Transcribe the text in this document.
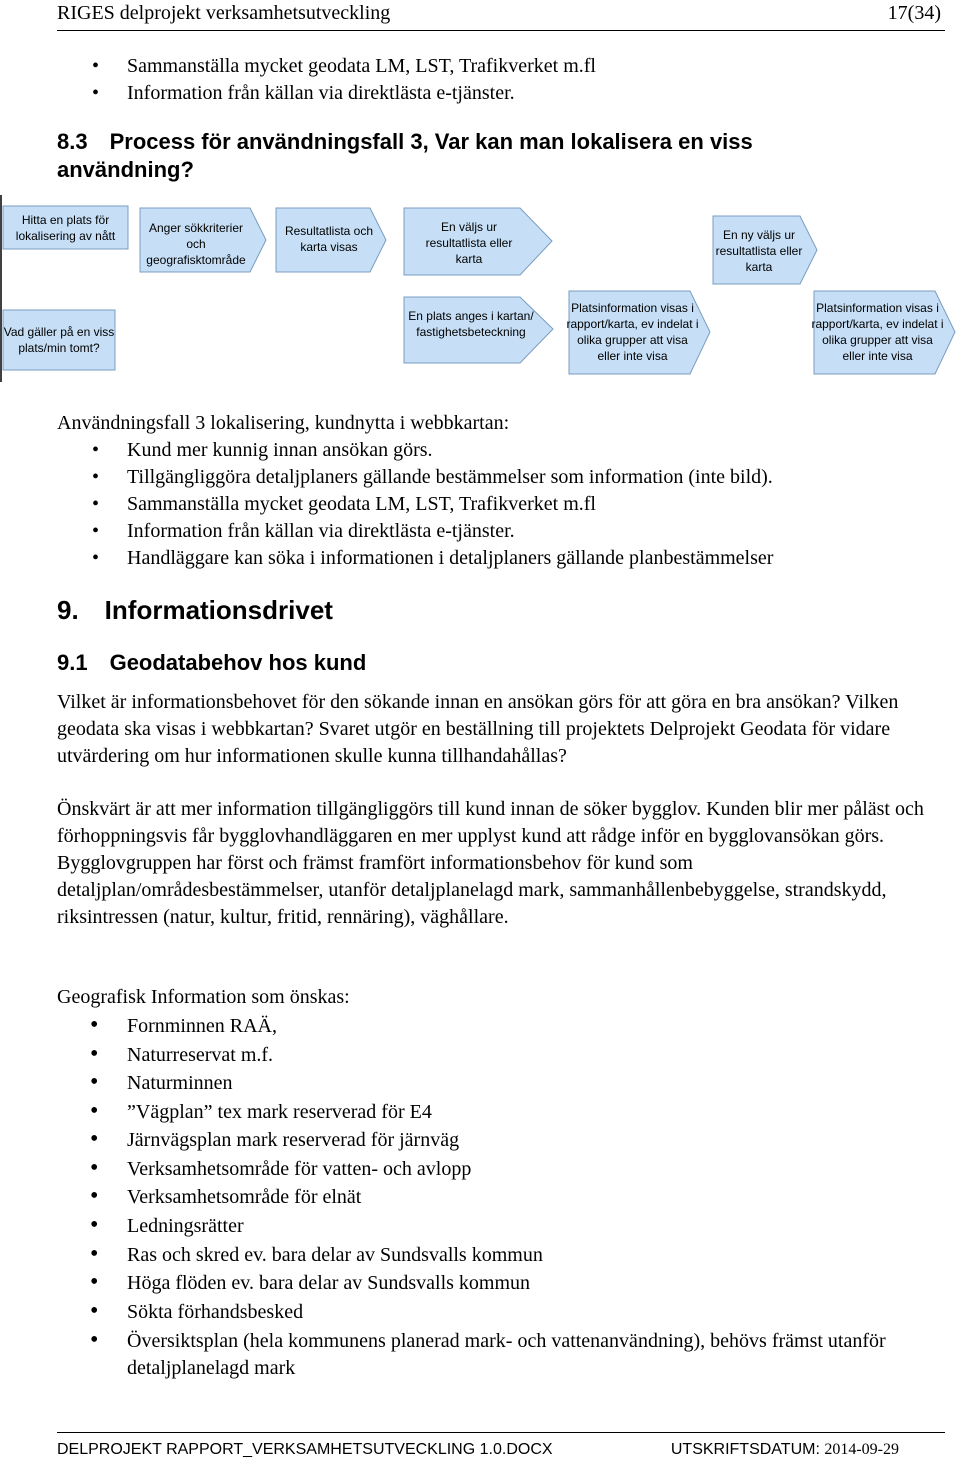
RIGES delprojekt verksamhetsutveckling	17(34)
• Sammanställa mycket geodata LM, LST, Trafikverket m.fl
• Information från källan via direktlästa e-tjänster.
8.3 Process för användningsfall 3, Var kan man lokalisera en viss
användning?
Hitta en plats för lokalisering av nått
Anger sökkriterier och geografisktområde
Resultatlista och karta visas
En väljs ur resultatlista eller karta
En ny väljs ur resultatlista eller karta
Vad gäller på en viss plats/min tomt?
En plats anges i kartan/ fastighetsbeteckning
Platsinformation visas i rapport/karta, ev indelat i olika grupper att visa eller inte visa
Platsinformation visas i rapport/karta, ev indelat i olika grupper att visa eller inte visa
Användningsfall 3 lokalisering, kundnytta i webbkartan:
• Kund mer kunnig innan ansökan görs.
• Tillgängliggöra detaljplaners gällande bestämmelser som information (inte bild).
• Sammanställa mycket geodata LM, LST, Trafikverket m.fl
• Information från källan via direktlästa e-tjänster.
• Handläggare kan söka i informationen i detaljplaners gällande planbestämmelser
9. Informationsdrivet
9.1 Geodatabehov hos kund
Vilket är informationsbehovet för den sökande innan en ansökan görs för att göra en bra ansökan? Vilken geodata ska visas i webbkartan? Svaret utgör en beställning till projektets Delprojekt Geodata för vidare utvärdering om hur informationen skulle kunna tillhandahållas?
Önskvärt är att mer information tillgängliggörs till kund innan de söker bygglov. Kunden blir mer påläst och förhoppningsvis får bygglovhandläggaren en mer upplyst kund att rådge inför en bygglovansökan görs. Bygglovgruppen har först och främst framfört informationsbehov för kund som detaljplan/områdesbestämmelser, utanför detaljplanelagd mark, sammanhållenbebyggelse, strandskydd, riksintressen (natur, kultur, fritid, rennäring), väghållare.
Geografisk Information som önskas:
• Fornminnen RAÄ,
• Naturreservat m.f.
• Naturminnen
• ”Vägplan” tex mark reserverad för E4
• Järnvägsplan mark reserverad för järnväg
• Verksamhetsområde för vatten- och avlopp
• Verksamhetsområde för elnät
• Ledningsrätter
• Ras och skred ev. bara delar av Sundsvalls kommun
• Höga flöden ev. bara delar av Sundsvalls kommun
• Sökta förhandsbesked
• Översiktsplan (hela kommunens planerad mark- och vattenanvändning), behövs främst utanför detaljplanelagd mark
DELPROJEKT RAPPORT_VERKSAMHETSUTVECKLING 1.0.DOCX	UTSKRIFTSDATUM: 2014-09-29
